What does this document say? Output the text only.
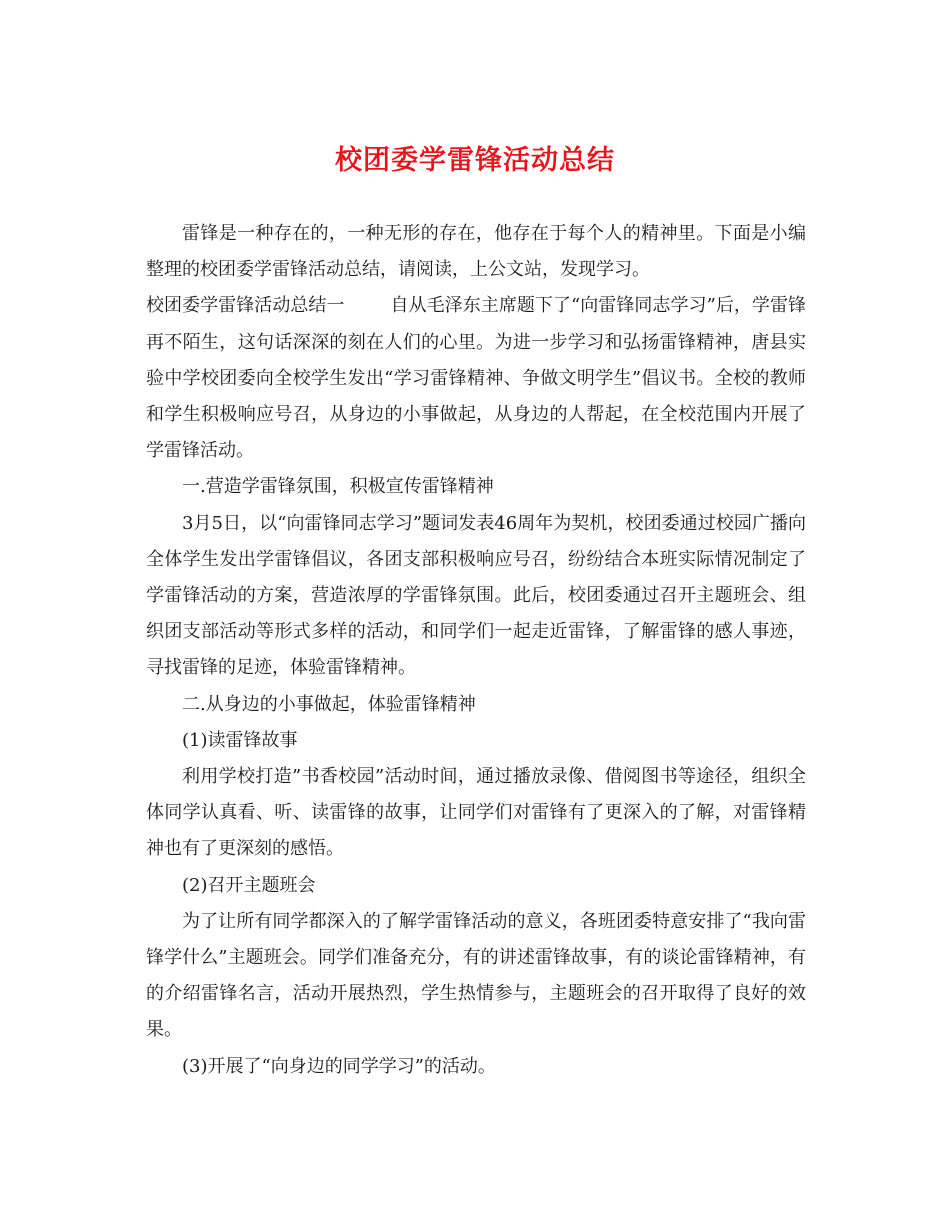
校团委学雷锋活动总结

雷锋是一种存在的，一种无形的存在，他存在于每个人的精神里。下面是小编整理的校团委学雷锋活动总结，请阅读，上公文站，发现学习。

校团委学雷锋活动总结一	自从毛泽东主席题下了“向雷锋同志学习”后，学雷锋再不陌生，这句话深深的刻在人们的心里。为进一步学习和弘扬雷锋精神，唐县实验中学校团委向全校学生发出“学习雷锋精神、争做文明学生”倡议书。全校的教师和学生积极响应号召，从身边的小事做起，从身边的人帮起，在全校范围内开展了学雷锋活动。

一.营造学雷锋氛围，积极宣传雷锋精神

3月5日，以“向雷锋同志学习”题词发表46周年为契机，校团委通过校园广播向全体学生发出学雷锋倡议，各团支部积极响应号召，纷纷结合本班实际情况制定了学雷锋活动的方案，营造浓厚的学雷锋氛围。此后，校团委通过召开主题班会、组织团支部活动等形式多样的活动，和同学们一起走近雷锋，了解雷锋的感人事迹，寻找雷锋的足迹，体验雷锋精神。

二.从身边的小事做起，体验雷锋精神

(1)读雷锋故事

利用学校打造”书香校园”活动时间，通过播放录像、借阅图书等途径，组织全体同学认真看、听、读雷锋的故事，让同学们对雷锋有了更深入的了解，对雷锋精神也有了更深刻的感悟。

(2)召开主题班会

为了让所有同学都深入的了解学雷锋活动的意义，各班团委特意安排了“我向雷锋学什么”主题班会。同学们准备充分，有的讲述雷锋故事，有的谈论雷锋精神，有的介绍雷锋名言，活动开展热烈，学生热情参与，主题班会的召开取得了良好的效果。

(3)开展了“向身边的同学学习”的活动。
